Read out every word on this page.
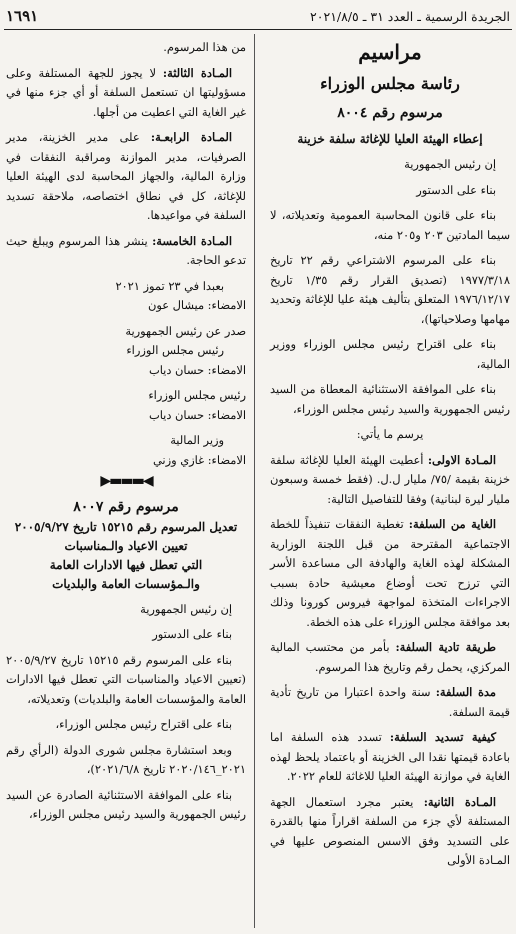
الجريدة الرسمية ـ العدد ٣١ ـ ٢٠٢١/٨/٥
١٦٩١

مراسيم

رئاسة مجلس الوزراء

مرسوم رقم ٨٠٠٤

إعطاء الهيئة العليا للإغاثة سلفة خزينة

إن رئيس الجمهورية

بناء على الدستور

بناء على قانون المحاسبة العمومية وتعديلاته، لا سيما المادتين ٢٠٣ و٢٠٥ منه،

بناء على المرسوم الاشتراعي رقم ٢٢ تاريخ ١٩٧٧/٣/١٨ (تصديق القرار رقم ١/٣٥ تاريخ ١٩٧٦/١٢/١٧ المتعلق بتأليف هيئة عليا للإغاثة وتحديد مهامها وصلاحياتها)،

بناء على اقتراح رئيس مجلس الوزراء ووزير المالية،

بناء على الموافقة الاستثنائية المعطاة من السيد رئيس الجمهورية والسيد رئيس مجلس الوزراء،

يرسم ما يأتي:

المـادة الاولى: أعطيت الهيئة العليا للإغاثة سلفة خزينة بقيمة /٧٥/ مليار ل.ل. (فقط خمسة وسبعون مليار ليرة لبنانية) وفقا للتفاصيل التالية:

الغاية من السلفة: تغطية النفقات تنفيذاً للخطة الاجتماعية المقترحة من قبل اللجنة الوزارية المشكلة لهذه الغاية والهادفة الى مساعدة الأسر التي ترزح تحت أوضاع معيشية حادة بسبب الاجراءات المتخذة لمواجهة فيروس كورونا وذلك بعد موافقة مجلس الوزراء على هذه الخطة.

طريقة تادية السلفة: بأمر من محتسب المالية المركزي، يحمل رقم وتاريخ هذا المرسوم.

مدة السلفة: سنة واحدة اعتبارا من تاريخ تأدية قيمة السلفة.

كيفية تسديد السلفة: تسدد هذه السلفة اما باعادة قيمتها نقدا الى الخزينة أو باعتماد يلحظ لهذه الغاية في موازنة الهيئة العليا للاغاثة للعام ٢٠٢٢.

المـادة الثانية: يعتبر مجرد استعمال الجهة المستلفة لأي جزء من السلفة اقراراً منها بالقدرة على التسديد وفق الاسس المنصوص عليها في المـادة الأولى

من هذا المرسوم.

المـادة الثالثة: لا يجوز للجهة المستلفة وعلى مسؤوليتها ان تستعمل السلفة أو أي جزء منها في غير الغاية التي اعطيت من أجلها.

المـادة الرابعـة: على مدير الخزينة، مدير الصرفيات، مدير الموازنة ومراقبة النفقات في وزارة المالية، والجهاز المحاسبة لدى الهيئة العليا للإغاثة، كل في نطاق اختصاصه، ملاحقة تسديد السلفة في مواعيدها.

المـادة الخامسة: ينشر هذا المرسوم ويبلغ حيث تدعو الحاجة.

بعبدا في ٢٣ تموز ٢٠٢١

الامضاء: ميشال عون

صدر عن رئيس الجمهورية

رئيس مجلس الوزراء

الامضاء: حسان دياب

رئيس مجلس الوزراء

الامضاء: حسان دياب

وزير المالية

الامضاء: غازي وزني

◀▬▬▬▶

مرسوم رقم ٨٠٠٧

تعديل المرسوم رقم ١٥٢١٥ تاريخ ٢٠٠٥/٩/٢٧

تعيين الاعياد والـمناسبات

التي تعطل فيها الادارات العامة

والـمؤسسات العامة والبلديات

إن رئيس الجمهورية

بناء على الدستور

بناء على المرسوم رقم ١٥٢١٥ تاريخ ٢٠٠٥/٩/٢٧ (تعيين الاعياد والمناسبات التي تعطل فيها الادارات العامة والمؤسسات العامة والبلديات) وتعديلاته،

بناء على اقتراح رئيس مجلس الوزراء،

وبعد استشارة مجلس شورى الدولة (الرأي رقم ٢٠٢١_٢٠٢٠/١٤٦ تاريخ ٢٠٢١/٦/٨)،

بناء على الموافقة الاستثنائية الصادرة عن السيد رئيس الجمهورية والسيد رئيس مجلس الوزراء،
